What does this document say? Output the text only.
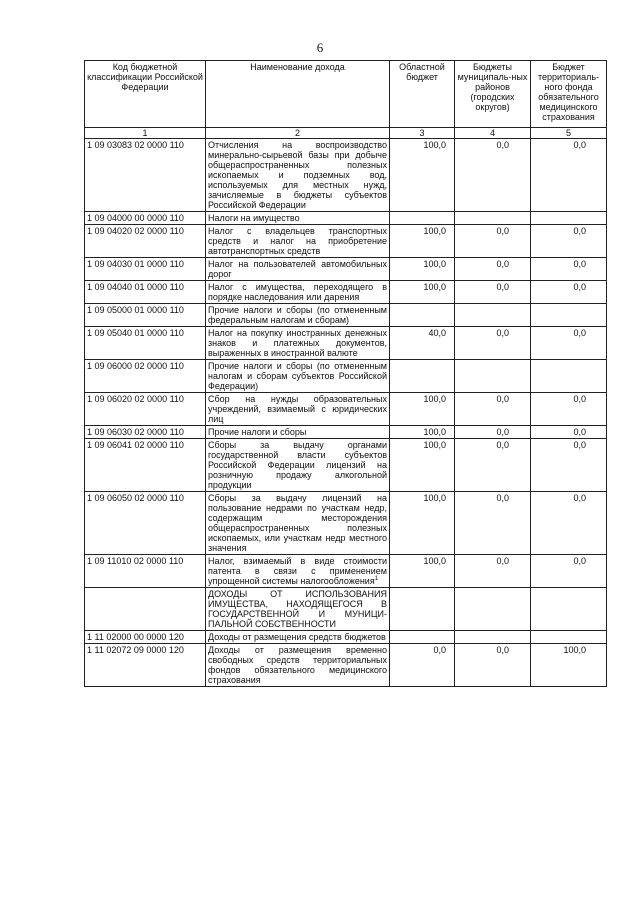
6
Код бюджетной классификации Российской Федерации	Наименование дохода	Областной бюджет	Бюджеты муниципаль-ных районов (городских округов)	Бюджет территориаль-ного фонда обязательного медицинского страхования
1	2	3	4	5
1 09 03083 02 0000 110	Отчисления на воспроизводство минерально-сырьевой базы при добыче общераспространенных полезных ископаемых и подземных вод, используемых для местных нужд, зачисляемые в бюджеты субъектов Российской Федерации	100,0	0,0	0,0
1 09 04000 00 0000 110	Налоги на имущество			
1 09 04020 02 0000 110	Налог с владельцев транспортных средств и налог на приобретение автотранспортных средств	100,0	0,0	0,0
1 09 04030 01 0000 110	Налог на пользователей автомобильных дорог	100,0	0,0	0,0
1 09 04040 01 0000 110	Налог с имущества, переходящего в порядке наследования или дарения	100,0	0,0	0,0
1 09 05000 01 0000 110	Прочие налоги и сборы (по отмененным федеральным налогам и сборам)			
1 09 05040 01 0000 110	Налог на покупку иностранных денежных знаков и платежных документов, выраженных в иностранной валюте	40,0	0,0	0,0
1 09 06000 02 0000 110	Прочие налоги и сборы (по отмененным налогам и сборам субъектов Российской Федерации)			
1 09 06020 02 0000 110	Сбор на нужды образовательных учреждений, взимаемый с юридических лиц	100,0	0,0	0,0
1 09 06030 02 0000 110	Прочие налоги и сборы	100,0	0,0	0,0
1 09 06041 02 0000 110	Сборы за выдачу органами государственной власти субъектов Российской Федерации лицензий на розничную продажу алкогольной продукции	100,0	0,0	0,0
1 09 06050 02 0000 110	Сборы за выдачу лицензий на пользование недрами по участкам недр, содержащим месторождения общераспространенных полезных ископаемых, или участкам недр местного значения	100,0	0,0	0,0
1 09 11010 02 0000 110	Налог, взимаемый в виде стоимости патента в связи с применением упрощенной системы налогообложения$^1$	100,0	0,0	0,0
	ДОХОДЫ ОТ ИСПОЛЬЗОВАНИЯ ИМУЩЕСТВА, НАХОДЯЩЕГОСЯ В ГОСУДАРСТВЕННОЙ И МУНИЦИ-ПАЛЬНОЙ СОБСТВЕННОСТИ			
1 11 02000 00 0000 120	Доходы от размещения средств бюджетов			
1 11 02072 09 0000 120	Доходы от размещения временно свободных средств территориальных фондов обязательного медицинского страхования	0,0	0,0	100,0
